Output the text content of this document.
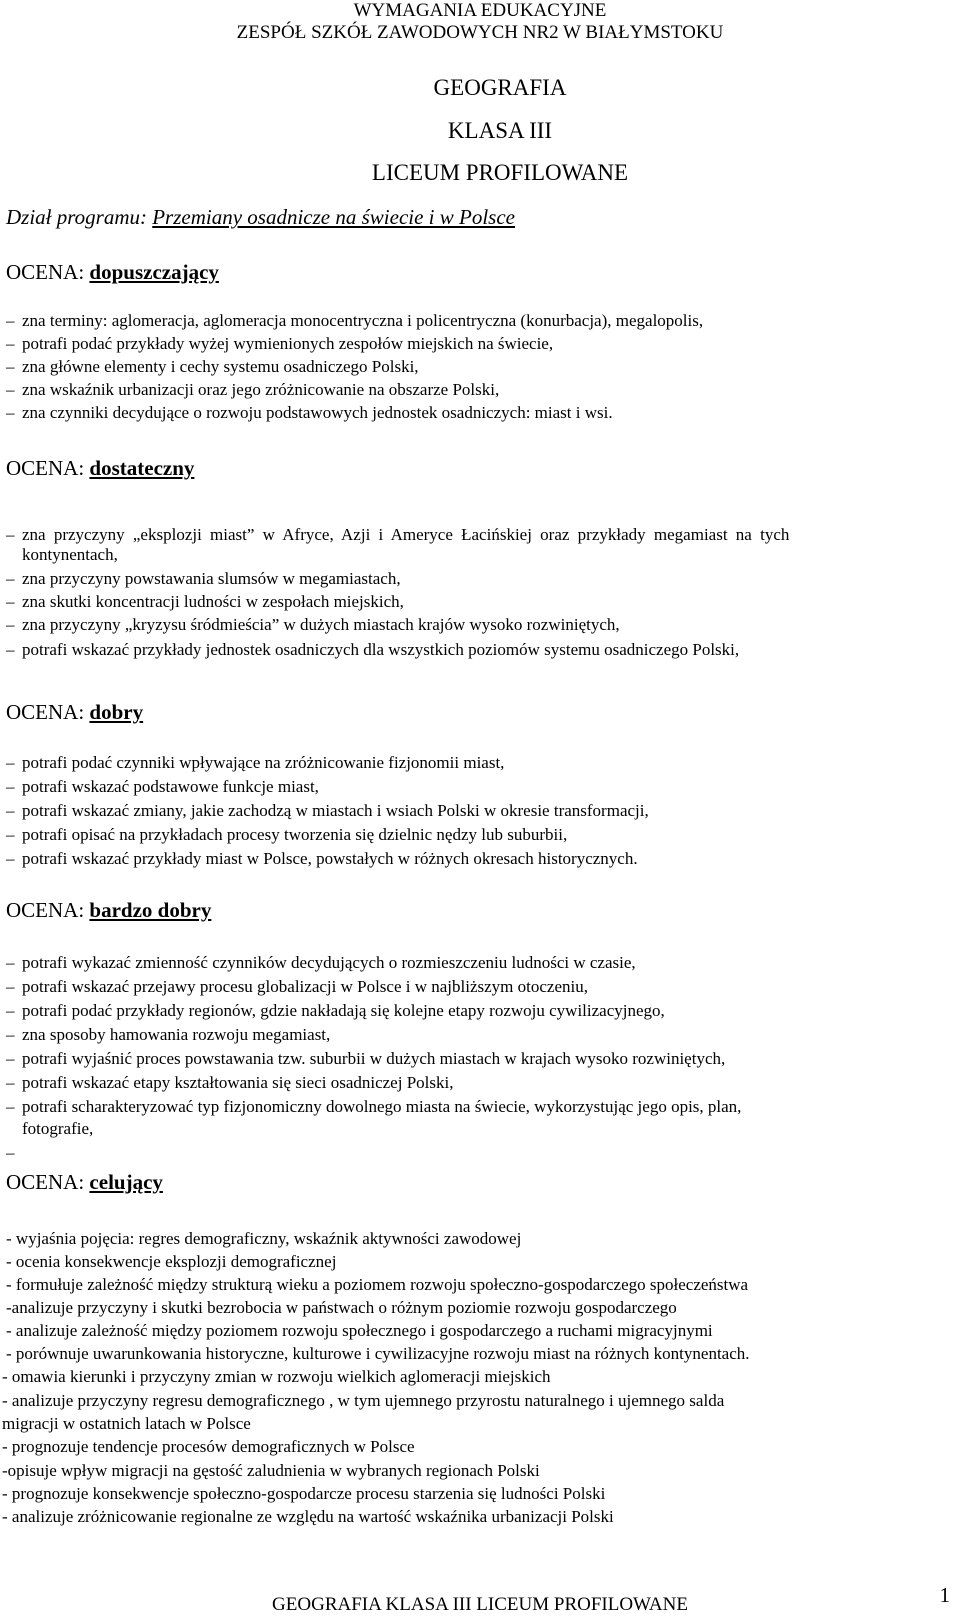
WYMAGANIA EDUKACYJNE
ZESPÓŁ SZKÓŁ ZAWODOWYCH NR2 W BIAŁYMSTOKU
GEOGRAFIA
KLASA III
LICEUM PROFILOWANE
Dział programu: Przemiany osadnicze na świecie i w Polsce
OCENA: dopuszczający
– zna terminy: aglomeracja, aglomeracja monocentryczna i policentryczna (konurbacja), megalopolis,
– potrafi podać przykłady wyżej wymienionych zespołów miejskich na świecie,
– zna główne elementy i cechy systemu osadniczego Polski,
– zna wskaźnik urbanizacji oraz jego zróżnicowanie na obszarze Polski,
– zna czynniki decydujące o rozwoju podstawowych jednostek osadniczych: miast i wsi.
OCENA: dostateczny
– zna przyczyny „eksplozji miast” w Afryce, Azji i Ameryce Łacińskiej oraz przykłady megamiast na tych
kontynentach,
– zna przyczyny powstawania slumsów w megamiastach,
– zna skutki koncentracji ludności w zespołach miejskich,
– zna przyczyny „kryzysu śródmieścia” w dużych miastach krajów wysoko rozwiniętych,
– potrafi wskazać przykłady jednostek osadniczych dla wszystkich poziomów systemu osadniczego Polski,
OCENA: dobry
– potrafi podać czynniki wpływające na zróżnicowanie fizjonomii miast,
– potrafi wskazać podstawowe funkcje miast,
– potrafi wskazać zmiany, jakie zachodzą w miastach i wsiach Polski w okresie transformacji,
– potrafi opisać na przykładach procesy tworzenia się dzielnic nędzy lub suburbii,
– potrafi wskazać przykłady miast w Polsce, powstałych w różnych okresach historycznych.
OCENA: bardzo dobry
– potrafi wykazać zmienność czynników decydujących o rozmieszczeniu ludności w czasie,
– potrafi wskazać przejawy procesu globalizacji w Polsce i w najbliższym otoczeniu,
– potrafi podać przykłady regionów, gdzie nakładają się kolejne etapy rozwoju cywilizacyjnego,
– zna sposoby hamowania rozwoju megamiast,
– potrafi wyjaśnić proces powstawania tzw. suburbii w dużych miastach w krajach wysoko rozwiniętych,
– potrafi wskazać etapy kształtowania się sieci osadniczej Polski,
– potrafi scharakteryzować typ fizjonomiczny dowolnego miasta na świecie, wykorzystując jego opis, plan,
fotografie,
–
OCENA: celujący
- wyjaśnia pojęcia: regres demograficzny, wskaźnik aktywności zawodowej
- ocenia konsekwencje eksplozji demograficznej
- formułuje zależność między strukturą wieku a poziomem rozwoju społeczno-gospodarczego społeczeństwa
-analizuje przyczyny i skutki bezrobocia w państwach o różnym poziomie rozwoju gospodarczego
- analizuje zależność między poziomem rozwoju społecznego i gospodarczego a ruchami migracyjnymi
- porównuje uwarunkowania historyczne, kulturowe i cywilizacyjne rozwoju miast na różnych kontynentach.
- omawia kierunki i przyczyny zmian w rozwoju wielkich aglomeracji miejskich
- analizuje przyczyny regresu demograficznego , w tym ujemnego przyrostu naturalnego i ujemnego salda
migracji w ostatnich latach w Polsce
- prognozuje tendencje procesów demograficznych w Polsce
-opisuje wpływ migracji na gęstość zaludnienia w wybranych regionach Polski
- prognozuje konsekwencje społeczno-gospodarcze procesu starzenia się ludności Polski
- analizuje zróżnicowanie regionalne ze względu na wartość wskaźnika urbanizacji Polski
1
GEOGRAFIA KLASA III LICEUM PROFILOWANE
